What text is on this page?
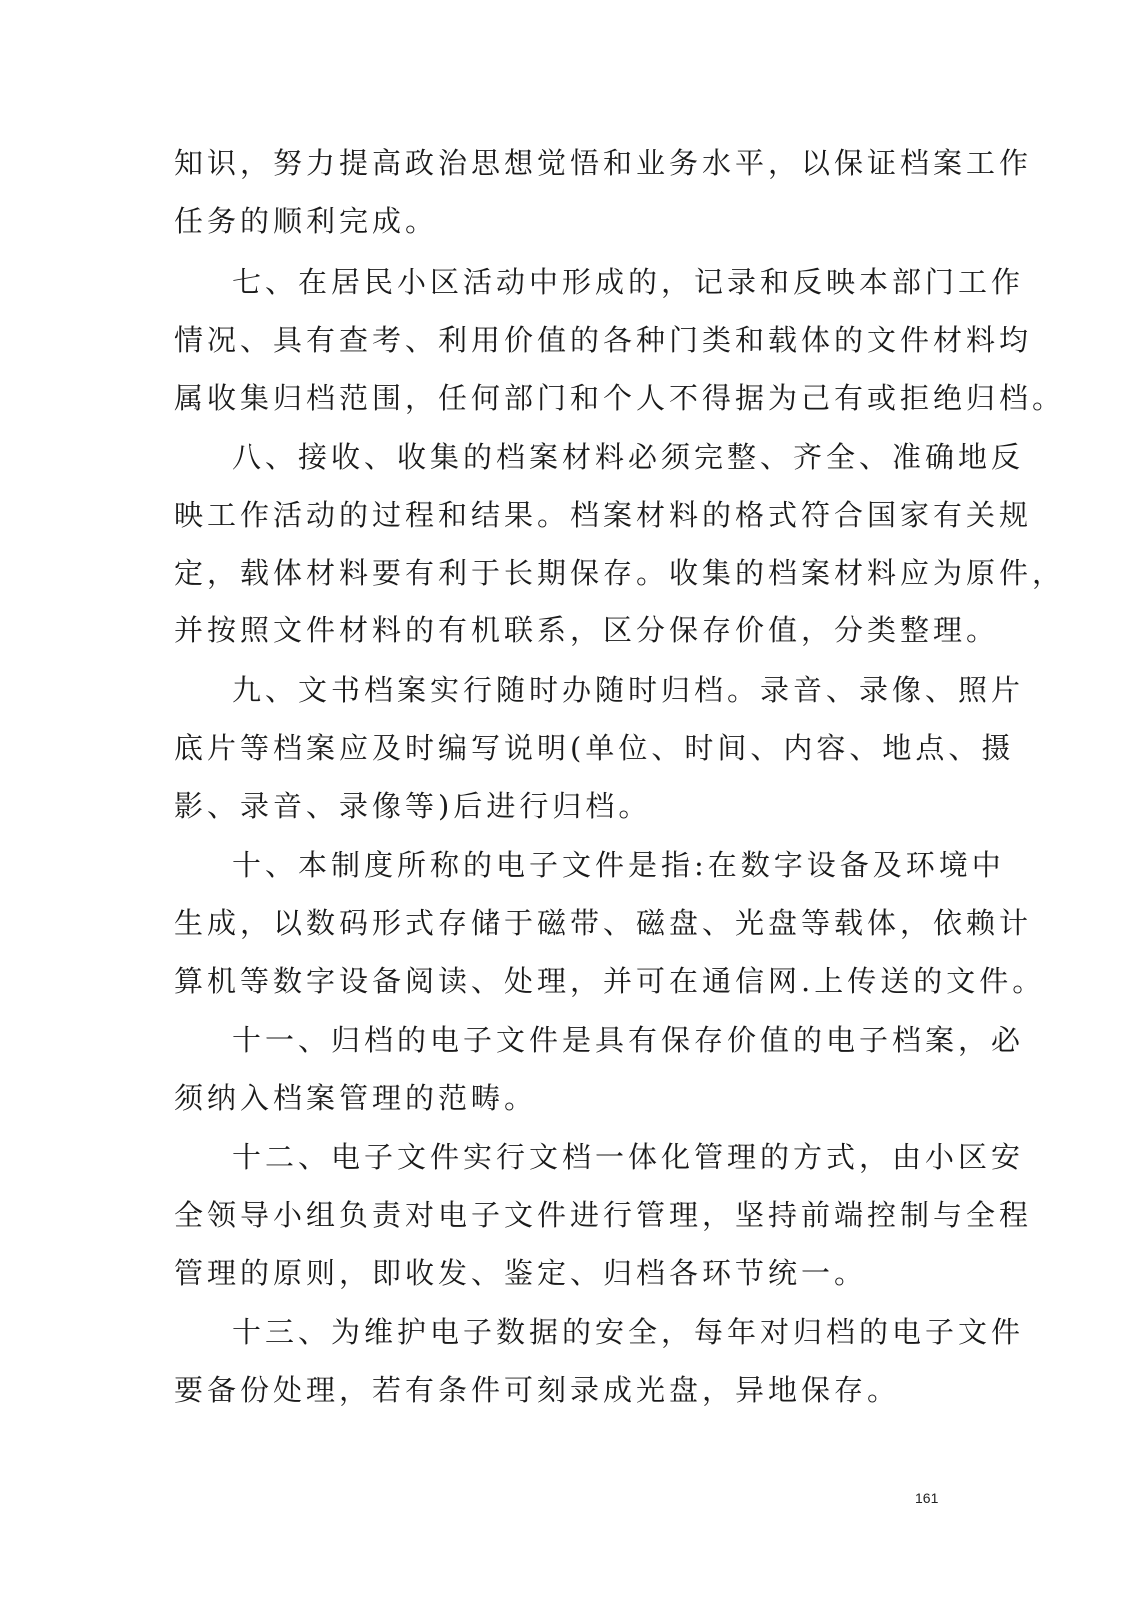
知识，努力提高政治思想觉悟和业务水平，以保证档案工作
任务的顺利完成。
七、在居民小区活动中形成的，记录和反映本部门工作
情况、具有查考、利用价值的各种门类和载体的文件材料均
属收集归档范围，任何部门和个人不得据为己有或拒绝归档。
八、接收、收集的档案材料必须完整、齐全、准确地反
映工作活动的过程和结果。档案材料的格式符合国家有关规
定，载体材料要有利于长期保存。收集的档案材料应为原件，
并按照文件材料的有机联系，区分保存价值，分类整理。
九、文书档案实行随时办随时归档。录音、录像、照片
底片等档案应及时编写说明(单位、时间、内容、地点、摄
影、录音、录像等)后进行归档。
十、本制度所称的电子文件是指:在数字设备及环境中
生成，以数码形式存储于磁带、磁盘、光盘等载体，依赖计
算机等数字设备阅读、处理，并可在通信网.上传送的文件。
十一、归档的电子文件是具有保存价值的电子档案，必
须纳入档案管理的范畴。
十二、电子文件实行文档一体化管理的方式，由小区安
全领导小组负责对电子文件进行管理，坚持前端控制与全程
管理的原则，即收发、鉴定、归档各环节统一。
十三、为维护电子数据的安全，每年对归档的电子文件
要备份处理，若有条件可刻录成光盘，异地保存。
161
